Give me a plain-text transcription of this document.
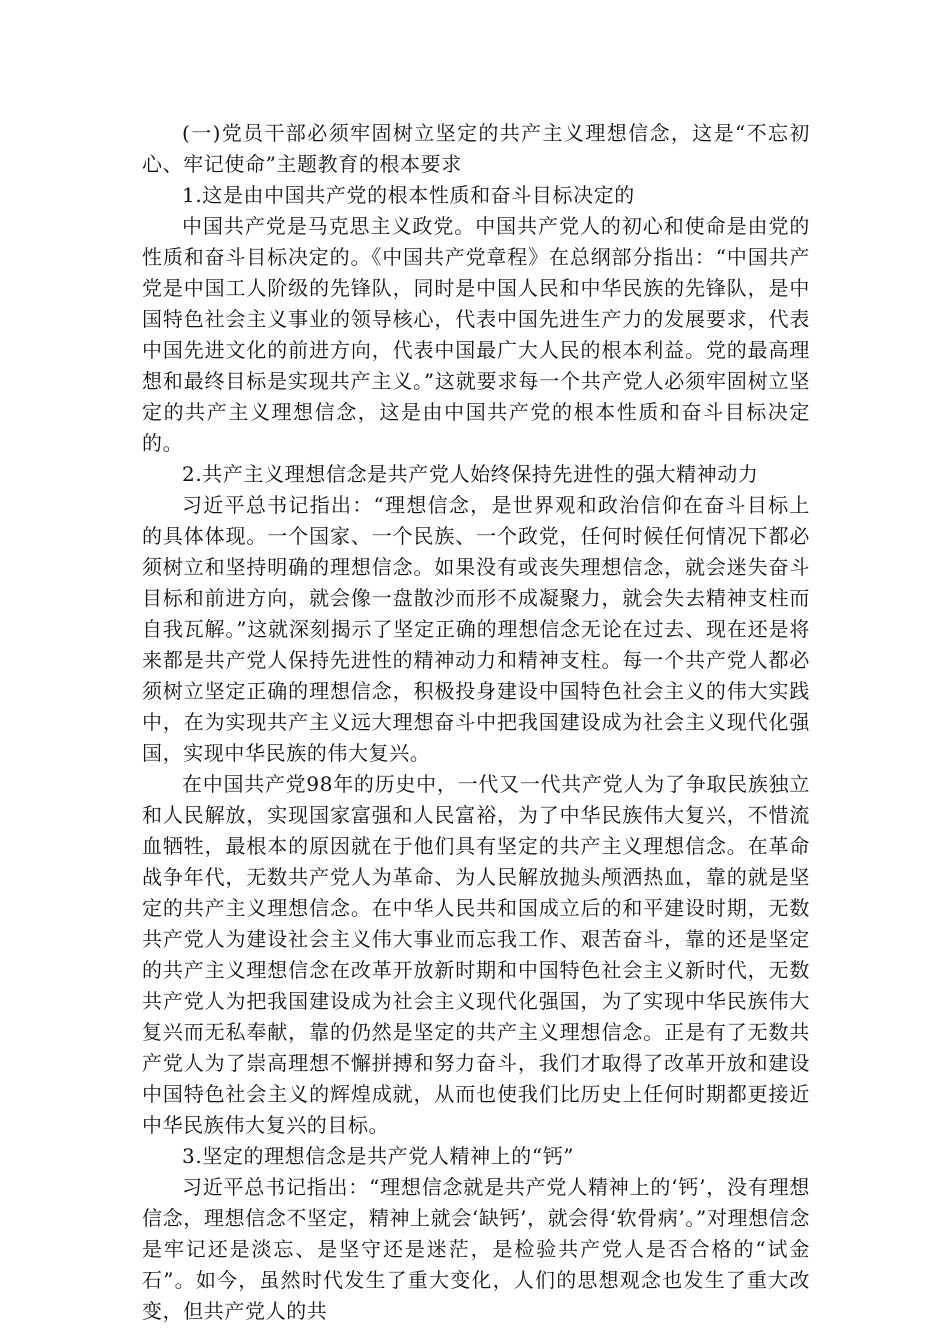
(一)党员干部必须牢固树立坚定的共产主义理想信念，这是“不忘初心、牢记使命”主题教育的根本要求

1.这是由中国共产党的根本性质和奋斗目标决定的

中国共产党是马克思主义政党。中国共产党人的初心和使命是由党的性质和奋斗目标决定的。《中国共产党章程》在总纲部分指出：“中国共产党是中国工人阶级的先锋队，同时是中国人民和中华民族的先锋队，是中国特色社会主义事业的领导核心，代表中国先进生产力的发展要求，代表中国先进文化的前进方向，代表中国最广大人民的根本利益。党的最高理想和最终目标是实现共产主义。”这就要求每一个共产党人必须牢固树立坚定的共产主义理想信念，这是由中国共产党的根本性质和奋斗目标决定的。

2.共产主义理想信念是共产党人始终保持先进性的强大精神动力

习近平总书记指出：“理想信念，是世界观和政治信仰在奋斗目标上的具体体现。一个国家、一个民族、一个政党，任何时候任何情况下都必须树立和坚持明确的理想信念。如果没有或丧失理想信念，就会迷失奋斗目标和前进方向，就会像一盘散沙而形不成凝聚力，就会失去精神支柱而自我瓦解。”这就深刻揭示了坚定正确的理想信念无论在过去、现在还是将来都是共产党人保持先进性的精神动力和精神支柱。每一个共产党人都必须树立坚定正确的理想信念，积极投身建设中国特色社会主义的伟大实践中，在为实现共产主义远大理想奋斗中把我国建设成为社会主义现代化强国，实现中华民族的伟大复兴。

在中国共产党98年的历史中，一代又一代共产党人为了争取民族独立和人民解放，实现国家富强和人民富裕，为了中华民族伟大复兴，不惜流血牺牲，最根本的原因就在于他们具有坚定的共产主义理想信念。在革命战争年代，无数共产党人为革命、为人民解放抛头颅洒热血，靠的就是坚定的共产主义理想信念。在中华人民共和国成立后的和平建设时期，无数共产党人为建设社会主义伟大事业而忘我工作、艰苦奋斗，靠的还是坚定的共产主义理想信念在改革开放新时期和中国特色社会主义新时代，无数共产党人为把我国建设成为社会主义现代化强国，为了实现中华民族伟大复兴而无私奉献，靠的仍然是坚定的共产主义理想信念。正是有了无数共产党人为了崇高理想不懈拼搏和努力奋斗，我们才取得了改革开放和建设中国特色社会主义的辉煌成就，从而也使我们比历史上任何时期都更接近中华民族伟大复兴的目标。

3.坚定的理想信念是共产党人精神上的“钙”

习近平总书记指出：“理想信念就是共产党人精神上的‘钙’，没有理想信念，理想信念不坚定，精神上就会‘缺钙’，就会得‘软骨病’。”对理想信念是牢记还是淡忘、是坚守还是迷茫，是检验共产党人是否合格的“试金石”。如今，虽然时代发生了重大变化，人们的思想观念也发生了重大改变，但共产党人的共
